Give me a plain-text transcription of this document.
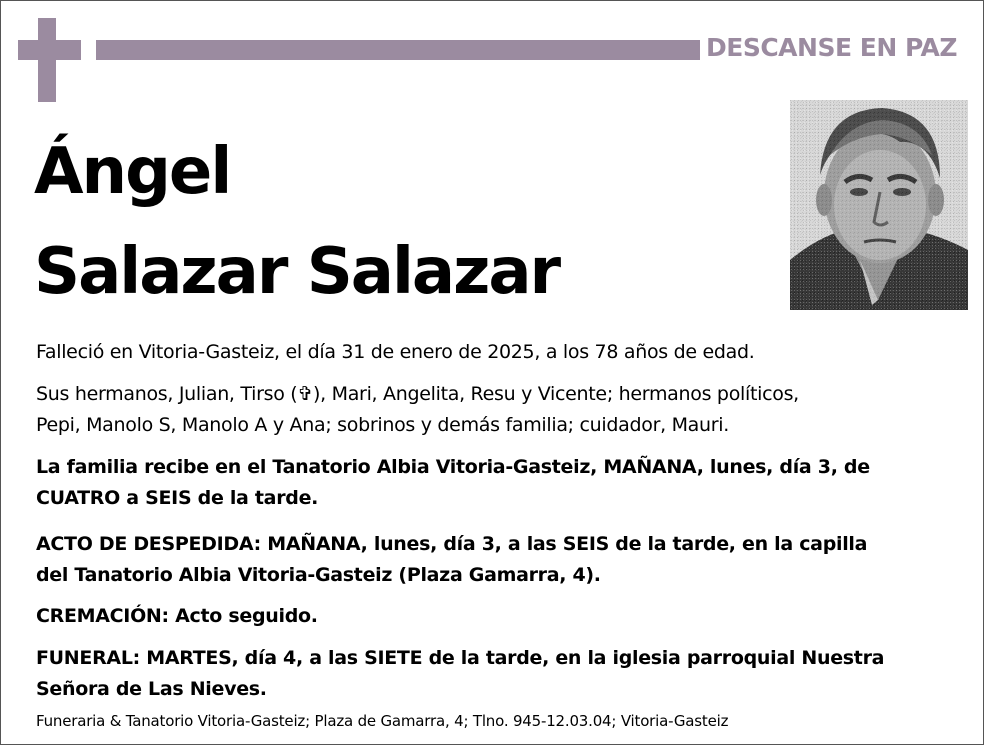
DESCANSE EN PAZ
Ángel
Salazar Salazar
Falleció en Vitoria-Gasteiz, el día 31 de enero de 2025, a los 78 años de edad.
Sus hermanos, Julian, Tirso (✞), Mari, Angelita, Resu y Vicente; hermanos políticos,
Pepi, Manolo S, Manolo A y Ana; sobrinos y demás familia; cuidador, Mauri.
La familia recibe en el Tanatorio Albia Vitoria-Gasteiz, MAÑANA, lunes, día 3, de
CUATRO a SEIS de la tarde.
ACTO DE DESPEDIDA: MAÑANA, lunes, día 3, a las SEIS de la tarde, en la capilla
del Tanatorio Albia Vitoria-Gasteiz (Plaza Gamarra, 4).
CREMACIÓN: Acto seguido.
FUNERAL: MARTES, día 4, a las SIETE de la tarde, en la iglesia parroquial Nuestra
Señora de Las Nieves.
Funeraria & Tanatorio Vitoria-Gasteiz; Plaza de Gamarra, 4; Tlno. 945-12.03.04; Vitoria-Gasteiz
